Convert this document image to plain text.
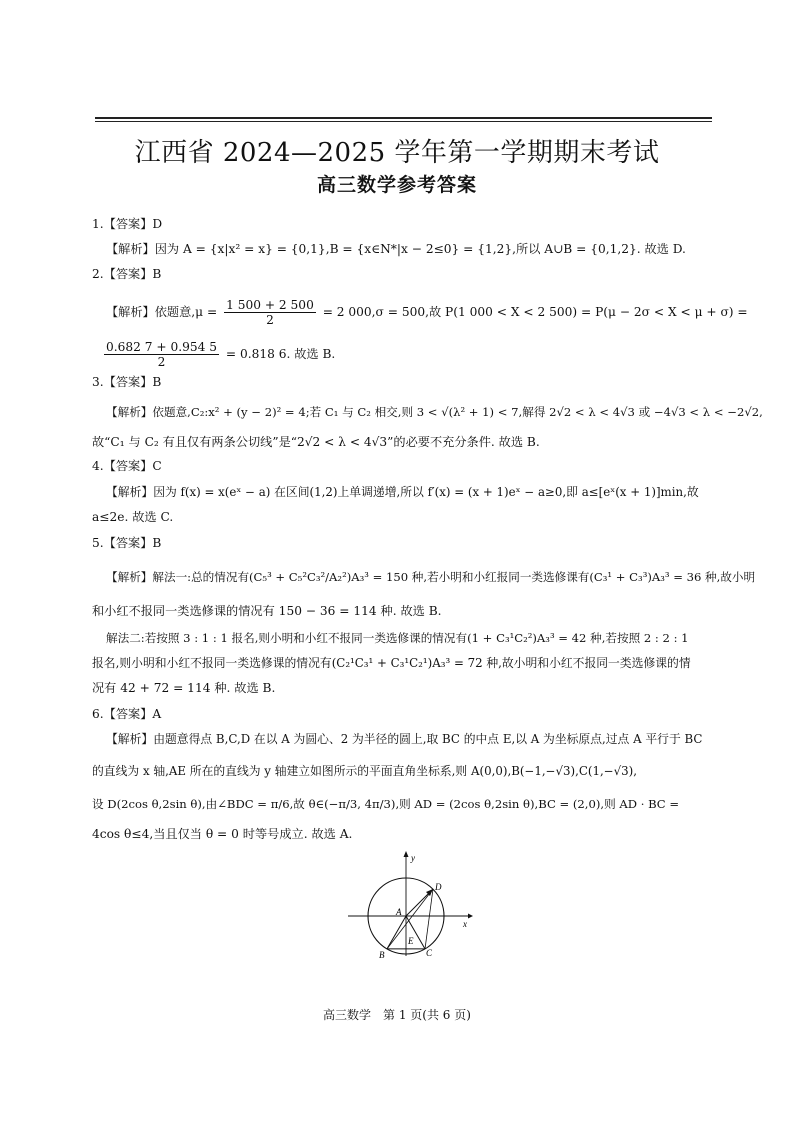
江西省 2024—2025 学年第一学期期末考试
高三数学参考答案
1.【答案】D
【解析】因为 A = {x|x² = x} = {0,1},B = {x∈N*|x − 2≤0} = {1,2},所以 A∪B = {0,1,2}. 故选 D.
2.【答案】B
【解析】依题意$,\mu = \frac{1 500 + 2 500}{2} = 2$ 000,σ = 500,故 P(1 000 < X < 2 500) = P(μ − 2σ < X < μ + σ) =
$\frac{0.682 7 + 0.954 5}{2} = 0.818$ 6. 故选 B.
3.【答案】B
【解析】依题意,C₂:x² + (y − 2)² = 4;若 C₁ 与 C₂ 相交,则 3 < √(λ² + 1) < 7,解得 2√2 < λ < 4√3 或 −4√3 < λ < −2√2,
故“C₁ 与 C₂ 有且仅有两条公切线”是“2√2 < λ < 4√3”的必要不充分条件. 故选 B.
4.【答案】C
【解析】因为 f(x) = x(eˣ − a) 在区间(1,2)上单调递增,所以 f′(x) = (x + 1)eˣ − a≥0,即 a≤[eˣ(x + 1)]min,故
a≤2e. 故选 C.
5.【答案】B
【解析】解法一:总的情况有(C₅³ + C₅²C₃²/A₂²)A₃³ = 150 种,若小明和小红报同一类选修课有(C₃¹ + C₃³)A₃³ = 36 种,故小明
和小红不报同一类选修课的情况有 150 − 36 = 114 种. 故选 B.
解法二:若按照 3 : 1 : 1 报名,则小明和小红不报同一类选修课的情况有(1 + C₃¹C₂²)A₃³ = 42 种,若按照 2 : 2 : 1
报名,则小明和小红不报同一类选修课的情况有(C₂¹C₃¹ + C₃¹C₂¹)A₃³ = 72 种,故小明和小红不报同一类选修课的情
况有 42 + 72 = 114 种. 故选 B.
6.【答案】A
【解析】由题意得点 B,C,D 在以 A 为圆心、2 为半径的圆上,取 BC 的中点 E,以 A 为坐标原点,过点 A 平行于 BC
的直线为 x 轴,AE 所在的直线为 y 轴建立如图所示的平面直角坐标系,则 A(0,0),B(−1,−√3),C(1,−√3),
设 D(2cos θ,2sin θ),由∠BDC = π/6,故 θ∈(−π/3, 4π/3),则 AD = (2cos θ,2sin θ),BC = (2,0),则 AD · BC =
4cos θ≤4,当且仅当 θ = 0 时等号成立. 故选 A.
y
x
D
A
E
B	C
高三数学　第 1 页(共 6 页)
